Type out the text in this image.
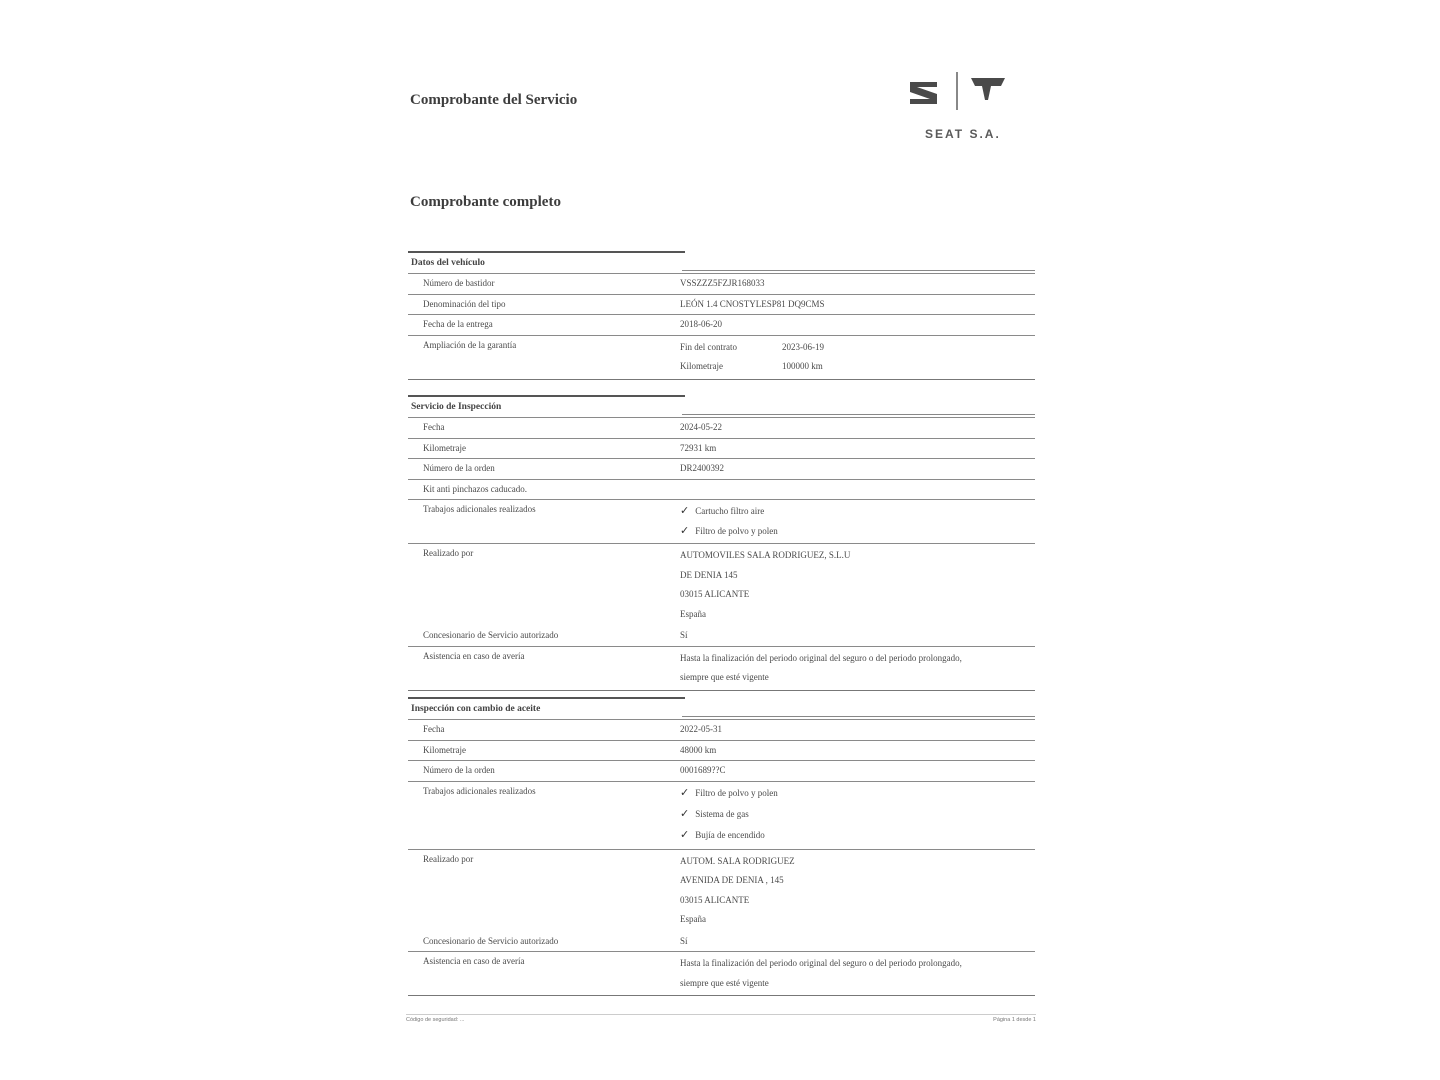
Comprobante del Servicio
Comprobante completo
SEAT S.A.
Datos del vehículo
Número de bastidor	VSSZZZ5FZJR168033
Denominación del tipo	LEÓN 1.4 CNOSTYLESP81 DQ9CMS
Fecha de la entrega	2018-06-20
Ampliación de la garantía	Fin del contrato	2023-06-19
Kilometraje	100000 km
Servicio de Inspección
Fecha	2024-05-22
Kilometraje	72931 km
Número de la orden	DR2400392
Kit anti pinchazos caducado.
Trabajos adicionales realizados	✓ Cartucho filtro aire
✓ Filtro de polvo y polen
Realizado por	AUTOMOVILES SALA RODRIGUEZ, S.L.U
DE DENIA 145
03015 ALICANTE
España
Concesionario de Servicio autorizado	Sí
Asistencia en caso de avería	Hasta la finalización del periodo original del seguro o del periodo prolongado,
siempre que esté vigente
Inspección con cambio de aceite
Fecha	2022-05-31
Kilometraje	48000 km
Número de la orden	0001689??C
Trabajos adicionales realizados	✓ Filtro de polvo y polen
✓ Sistema de gas
✓ Bujía de encendido
Realizado por	AUTOM. SALA RODRIGUEZ
AVENIDA DE DENIA , 145
03015 ALICANTE
España
Concesionario de Servicio autorizado	Sí
Asistencia en caso de avería	Hasta la finalización del periodo original del seguro o del periodo prolongado,
siempre que esté vigente
Código de seguridad: ...	Página 1 desde 1
